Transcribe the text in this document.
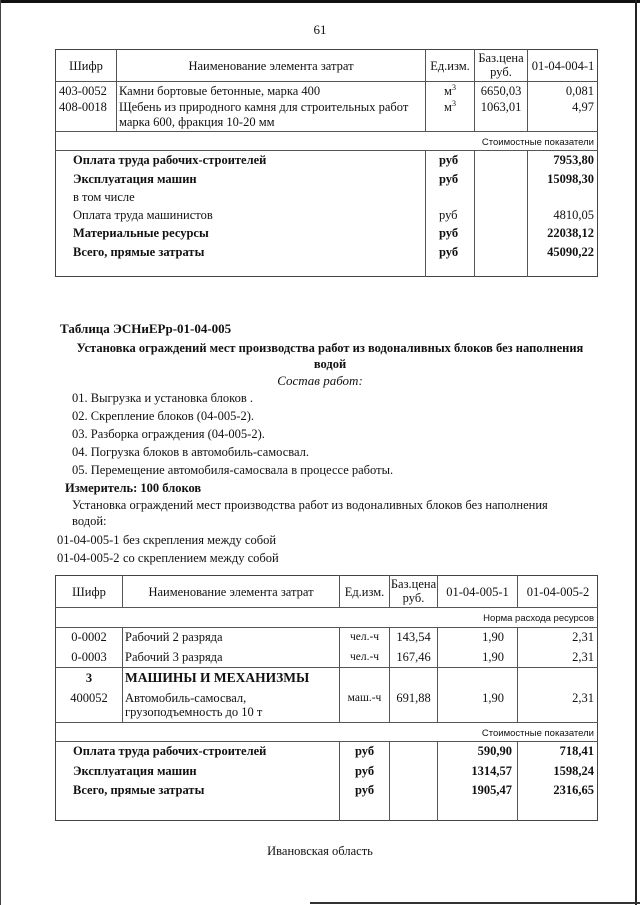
61
Шифр	Наименование элемента затрат	Ед.изм.
Баз.цена
руб.	01-04-004-1
403-0052 Камни бортовые бетонные, марка 400	$м^3$	6650,03	0,081
408-0018 Щебень из природного камня для строительных работ
марка 600, фракция 10-20 мм
$м^3$	1063,01	4,97
Стоимостные показатели
Оплата труда рабочих-строителей	руб	7953,80
Эксплуатация машин	руб	15098,30
в том числе
Оплата труда машинистов	руб	4810,05
Материальные ресурсы	руб	22038,12
Всего, прямые затраты	руб	45090,22
Таблица ЭСНиЕРр-01-04-005
Установка ограждений мест производства работ из водоналивных блоков без наполнения
водой
Состав работ:
01. Выгрузка и установка блоков .
02. Скрепление блоков (04-005-2).
03. Разборка ограждения (04-005-2).
04. Погрузка блоков в автомобиль-самосвал.
05. Перемещение автомобиля-самосвала в процессе работы.
Измеритель: 100 блоков
Установка ограждений мест производства работ из водоналивных блоков без наполнения
водой:
01-04-005-1 без скрепления между собой
01-04-005-2 со скреплением между собой
Шифр	Наименование элемента затрат	Ед.изм.
Баз.цена
руб.	01-04-005-1	01-04-005-2
Норма расхода ресурсов
0-0002	Рабочий 2 разряда	чел.-ч	143,54	1,90	2,31
0-0003	Рабочий 3 разряда	чел.-ч	167,46	1,90	2,31
3	МАШИНЫ И МЕХАНИЗМЫ
400052	Автомобиль-самосвал,
грузоподъемность до 10 т
маш.-ч	691,88	1,90	2,31
Стоимостные показатели
Оплата труда рабочих-строителей	руб	590,90	718,41
Эксплуатация машин	руб	1314,57	1598,24
Всего, прямые затраты	руб	1905,47	2316,65
Ивановская область
